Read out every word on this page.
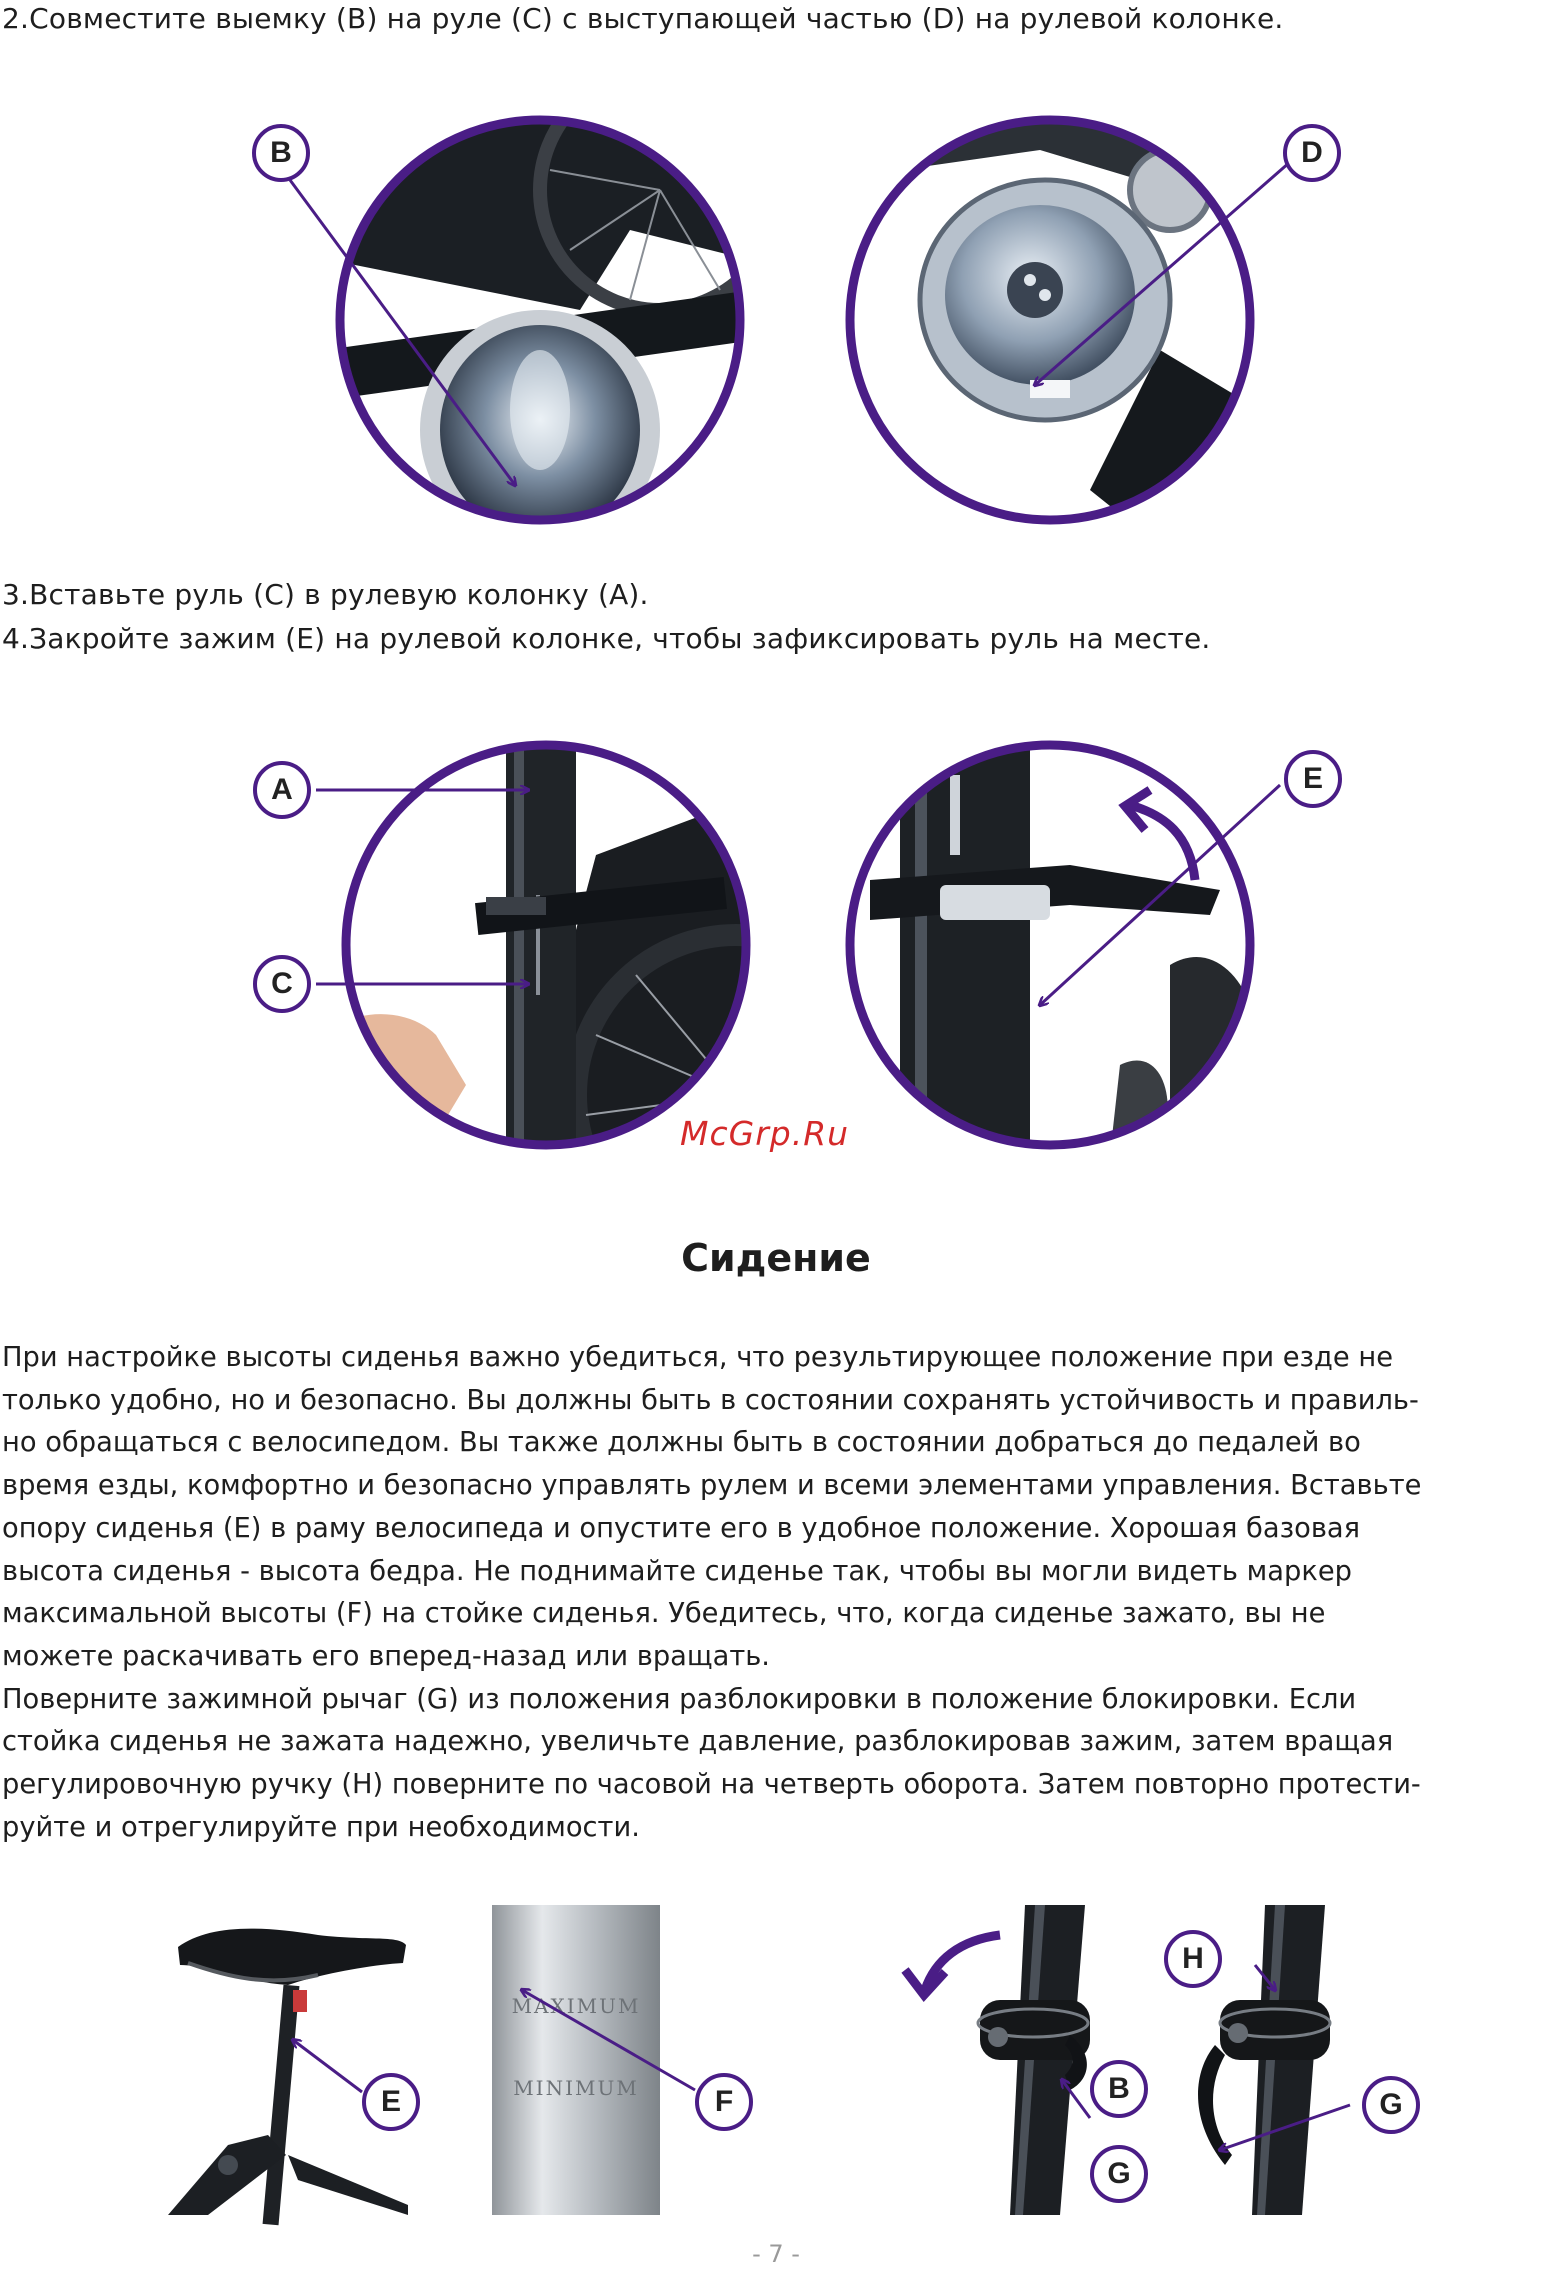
2.Совместите выемку (B) на руле (C) с выступающей частью (D) на рулевой колонке.

B	D

3.Вставьте руль (C) в рулевую колонку (A).

4.Закройте зажим (E) на рулевой колонке, чтобы зафиксировать руль на месте.

A
C
E
McGrp.Ru
Сидение
При настройке высоты сиденья важно убедиться, что результирующее положение при езде не
только удобно, но и безопасно. Вы должны быть в состоянии сохранять устойчивость и правиль-
но обращаться с велосипедом. Вы также должны быть в состоянии добраться до педалей во
время езды, комфортно и безопасно управлять рулем и всеми элементами управления. Вставьте
опору сиденья (E) в раму велосипеда и опустите его в удобное положение. Хорошая базовая
высота сиденья - высота бедра. Не поднимайте сиденье так, чтобы вы могли видеть маркер
максимальной высоты (F) на стойке сиденья. Убедитесь, что, когда сиденье зажато, вы не
можете раскачивать его вперед-назад или вращать.
Поверните зажимной рычаг (G) из положения разблокировки в положение блокировки. Если
стойка сиденья не зажата надежно, увеличьте давление, разблокировав зажим, затем вращая
регулировочную ручку (H) поверните по часовой на четверть оборота. Затем повторно протести-
руйте и отрегулируйте при необходимости.
MAXIMUM
MINIMUM
E	F	B
G
H
G
- 7 -
